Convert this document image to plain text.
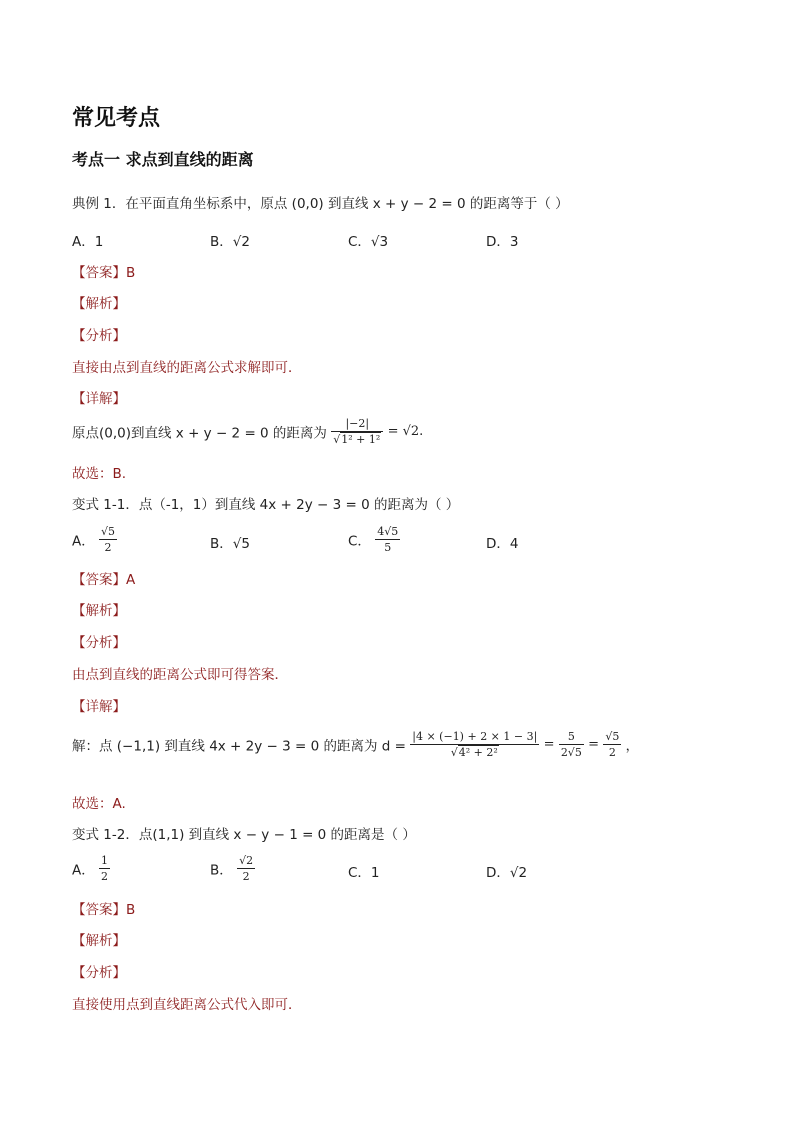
常见考点
考点一 求点到直线的距离
典例 1．在平面直角坐标系中，原点 (0,0) 到直线 x + y − 2 = 0 的距离等于（ ）
A．1	B．√2	C．√3	D．3
【答案】B
【解析】
【分析】
直接由点到直线的距离公式求解即可．
【详解】
原点(0,0)到直线 x + y − 2 = 0 的距离为 $\frac{|-2|}{\text{√1² + 1²}} = √2$.
故选：B.
变式 1-1．点（-1，1）到直线 4x + 2y − 3 = 0 的距离为（ ）
A． $\frac{√5}{2}$	B．√5	C． $\frac{4√5}{5}$	D．4
【答案】A
【解析】
【分析】
由点到直线的距离公式即可得答案．
【详解】
解：点 (−1,1) 到直线 4x + 2y − 3 = 0 的距离为 $d = \frac{|4 \times (-1) + 2 \times 1 - 3|}{\text{√4² + 2²}} = \frac{5}{2√5} = \frac{√5}{2}$ ，
故选：A.
变式 1-2．点(1,1) 到直线 x − y − 1 = 0 的距离是（ ）
A． $\frac{1}{2}$	B． $\frac{√2}{2}$	C．1	D．√2
【答案】B
【解析】
【分析】
直接使用点到直线距离公式代入即可．
